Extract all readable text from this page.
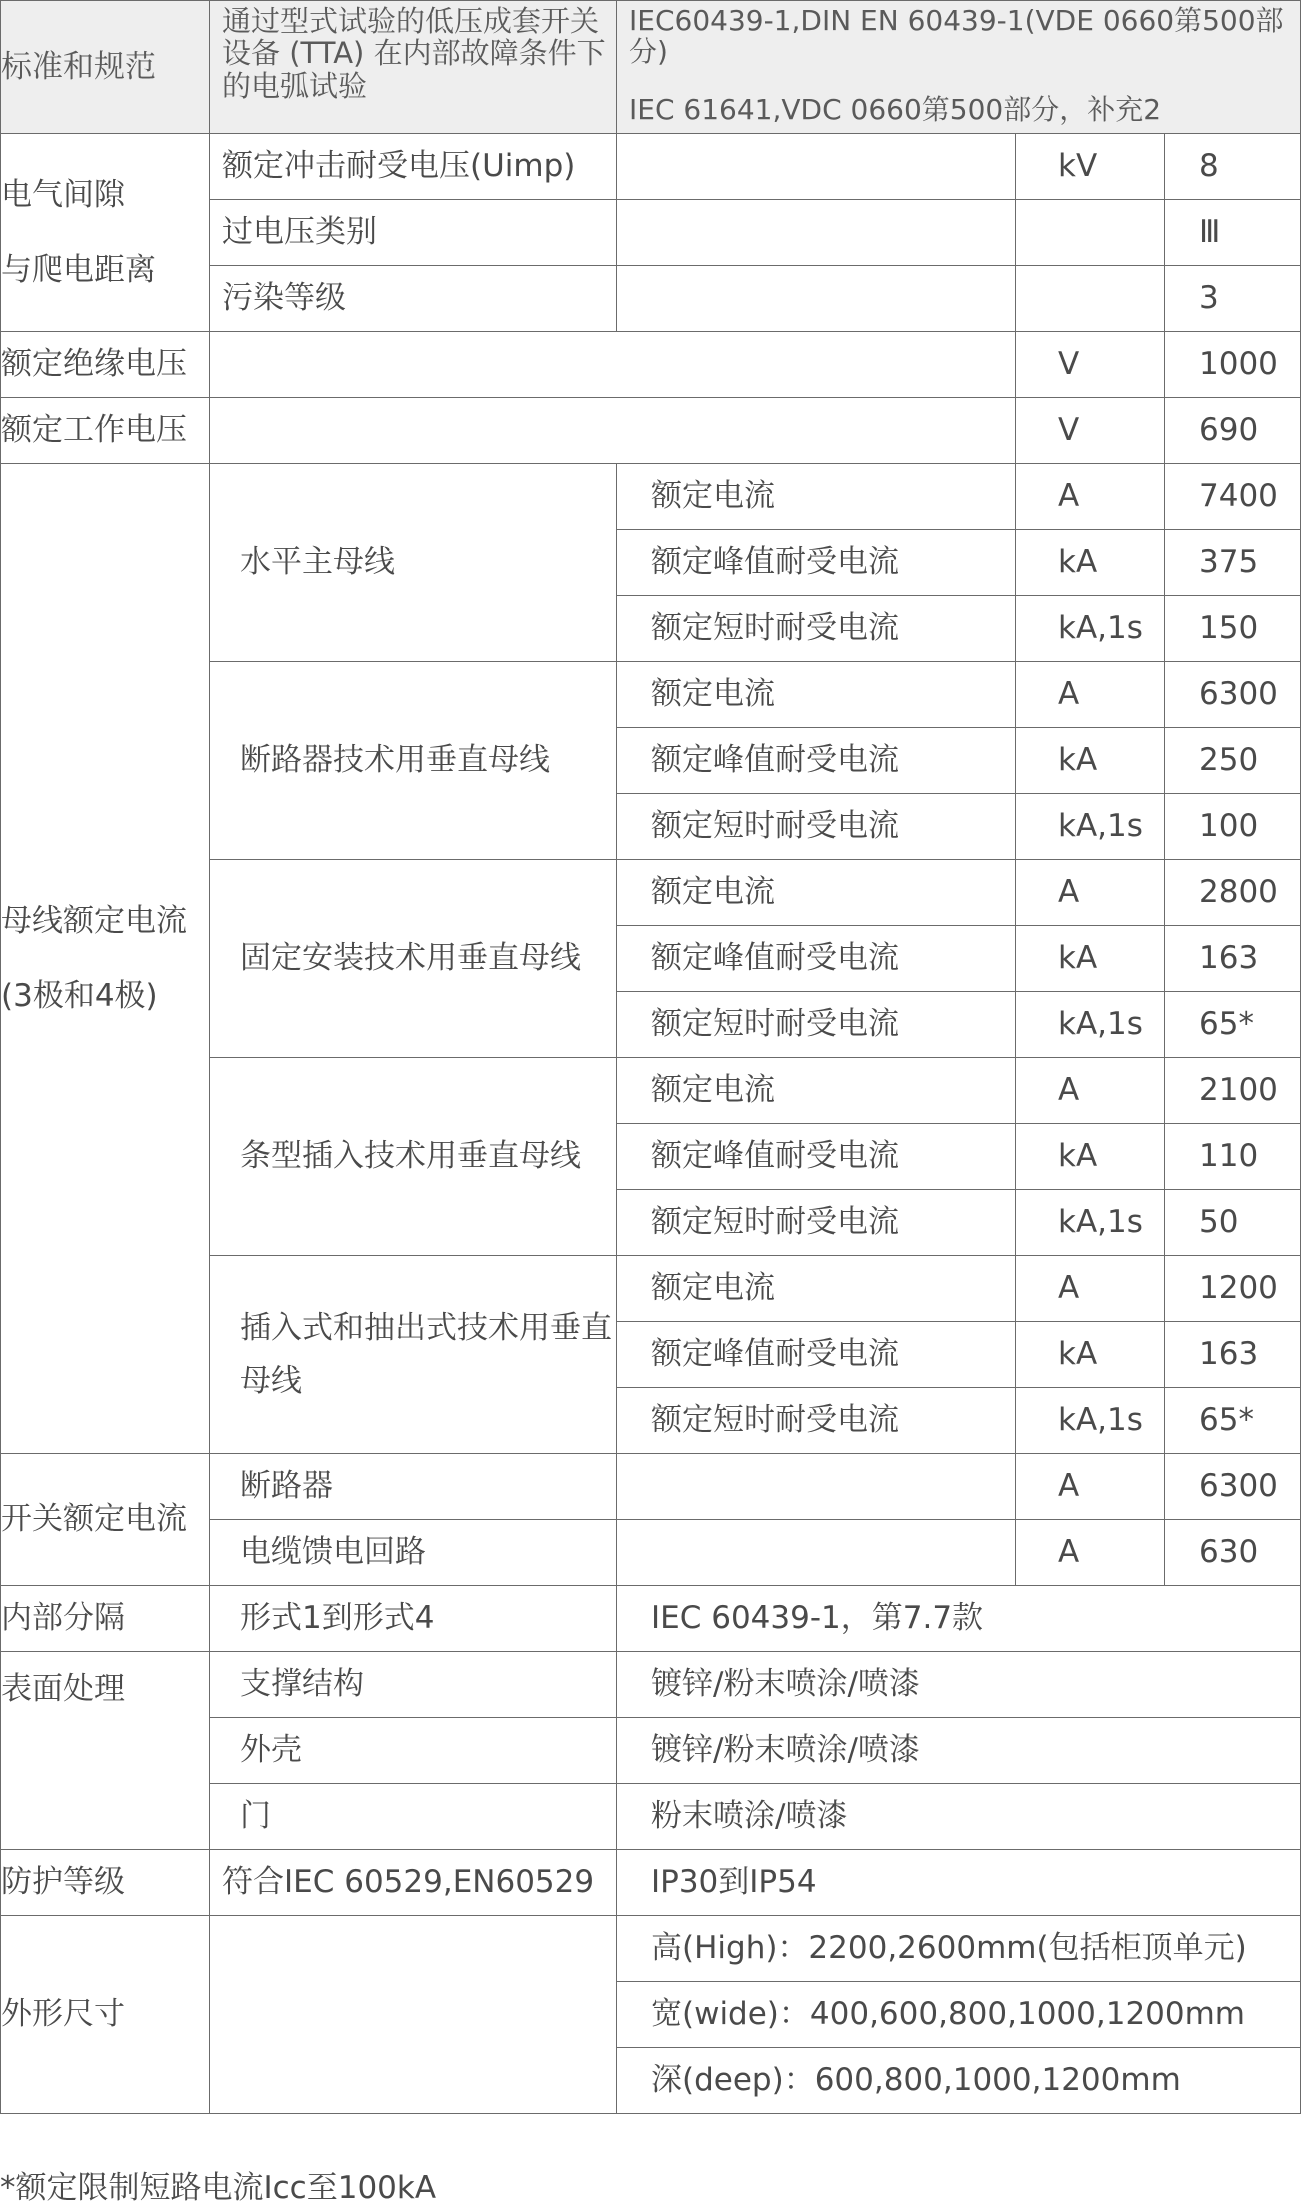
标准和规范	通过型式试验的低压成套开关设备 (TTA) 在内部故障条件下的电弧试验	IEC60439-1,DIN EN 60439-1(VDE 0660第500部分)
IEC 61641,VDC 0660第500部分，补充2		

电气间隙
与爬电距离	额定冲击耐受电压(Uimp)		kV	8
	过电压类别			Ⅲ
	污染等级			3
额定绝缘电压			V	1000
额定工作电压			V	690
母线额定电流
(3极和4极)	水平主母线	额定电流	A	7400
		额定峰值耐受电流	kA	375
		额定短时耐受电流	kA,1s	150
	断路器技术用垂直母线	额定电流	A	6300
		额定峰值耐受电流	kA	250
		额定短时耐受电流	kA,1s	100
	固定安装技术用垂直母线	额定电流	A	2800
		额定峰值耐受电流	kA	163
		额定短时耐受电流	kA,1s	65*
	条型插入技术用垂直母线	额定电流	A	2100
		额定峰值耐受电流	kA	110
		额定短时耐受电流	kA,1s	50
	插入式和抽出式技术用垂直母线	额定电流	A	1200
		额定峰值耐受电流	kA	163
		额定短时耐受电流	kA,1s	65*
开关额定电流	断路器		A	6300
	电缆馈电回路		A	630
内部分隔	形式1到形式4	IEC 60439-1，第7.7款		
表面处理	支撑结构	镀锌/粉末喷涂/喷漆		
	外壳	镀锌/粉末喷涂/喷漆		
	门	粉末喷涂/喷漆		
防护等级	符合IEC 60529,EN60529	IP30到IP54		
外形尺寸		高(High)：2200,2600mm(包括柜顶单元)		
		宽(wide)：400,600,800,1000,1200mm		
		深(deep)：600,800,1000,1200mm		

*额定限制短路电流Icc至100kA
